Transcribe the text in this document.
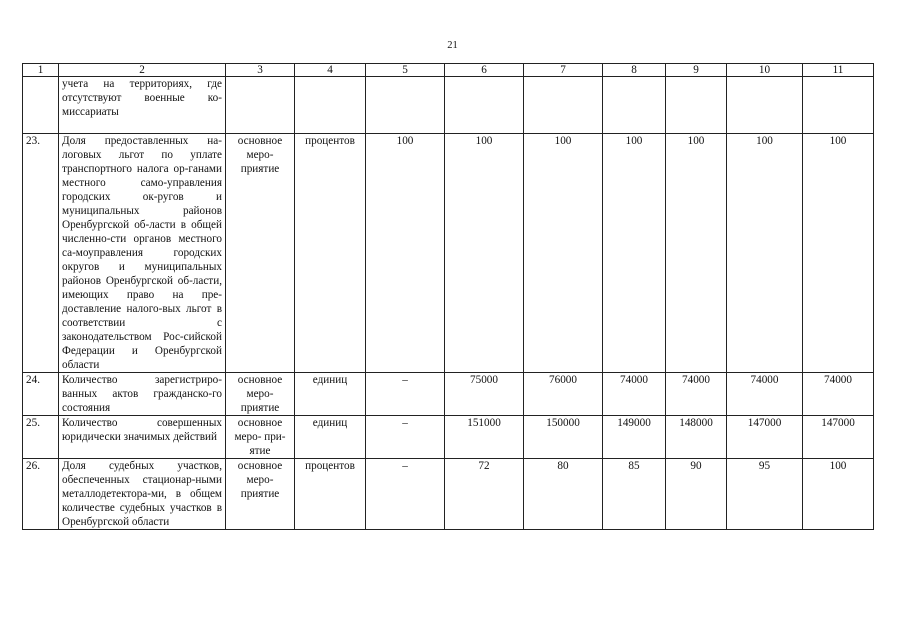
21
1	2	3	4	5	6	7	8	9	10	11
	учета на территориях, где отсутствуют военные ко-миссариаты									
23.	Доля предоставленных на-логовых льгот по уплате транспортного налога ор-ганами местного само-управления городских ок-ругов и муниципальных районов Оренбургской об-ласти в общей численно-сти органов местного са-моуправления городских округов и муниципальных районов Оренбургской об-ласти, имеющих право на пре-доставление налого-вых льгот в соответствии с законодательством Рос-сийской Федерации и Оренбургской области	основное меро-приятие	процентов	100	100	100	100	100	100	100
24.	Количество зарегистриро-ванных актов гражданско-го состояния	основное меро-приятие	единиц	–	75000	76000	74000	74000	74000	74000
25.	Количество совершенных юридически значимых действий	основное меро- при-ятие	единиц	–	151000	150000	149000	148000	147000	147000
26.	Доля судебных участков, обеспеченных стационар-ными металлодетектора-ми, в общем количестве судебных участков в Оренбургской области	основное меро-приятие	процентов	–	72	80	85	90	95	100
